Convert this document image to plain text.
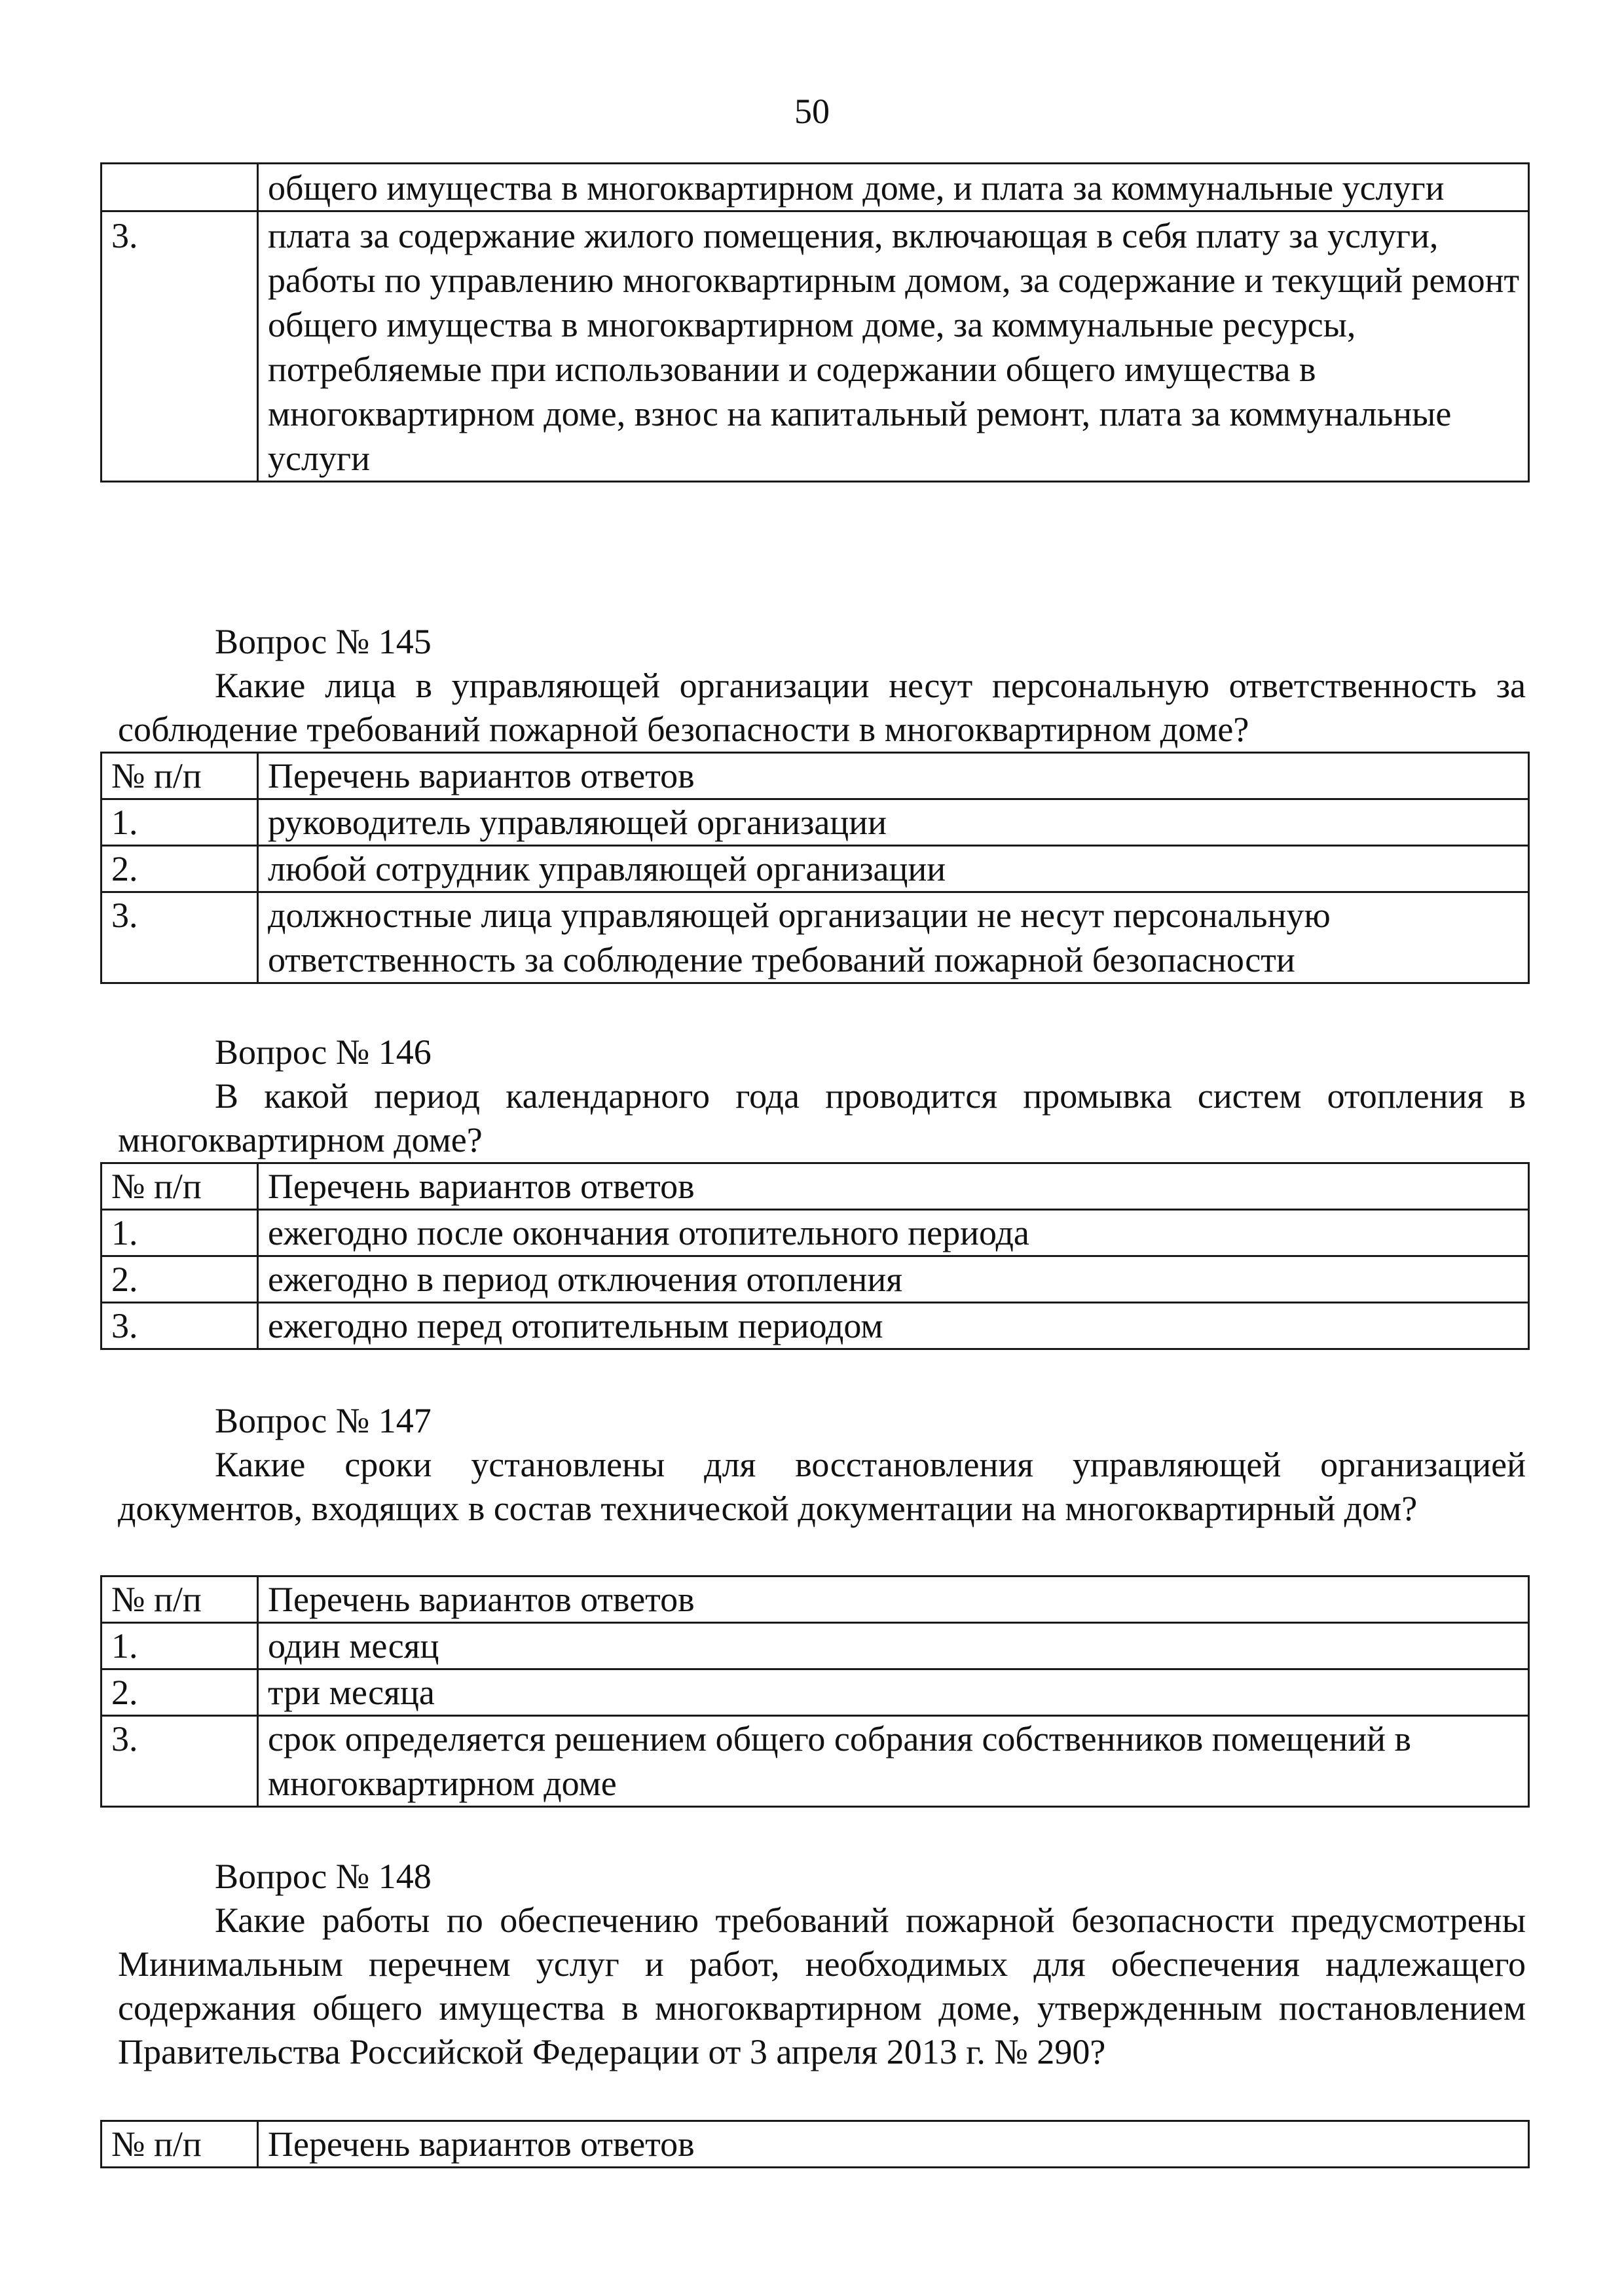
50
	общего имущества в многоквартирном доме, и плата за коммунальные услуги
3.	плата за содержание жилого помещения, включающая в себя плату за услуги, работы по управлению многоквартирным домом, за содержание и текущий ремонт общего имущества в многоквартирном доме, за коммунальные ресурсы, потребляемые при использовании и содержании общего имущества в многоквартирном доме, взнос на капитальный ремонт, плата за коммунальные услуги
Вопрос № 145
Какие лица в управляющей организации несут персональную ответственность за соблюдение требований пожарной безопасности в многоквартирном доме?
№ п/п	Перечень вариантов ответов
1.	руководитель управляющей организации
2.	любой сотрудник управляющей организации
3.	должностные лица управляющей организации не несут персональную ответственность за соблюдение требований пожарной безопасности
Вопрос № 146
В какой период календарного года проводится промывка систем отопления в многоквартирном доме?
№ п/п	Перечень вариантов ответов
1.	ежегодно после окончания отопительного периода
2.	ежегодно в период отключения отопления
3.	ежегодно перед отопительным периодом
Вопрос № 147
Какие сроки установлены для восстановления управляющей организацией документов, входящих в состав технической документации на многоквартирный дом?
№ п/п	Перечень вариантов ответов
1.	один месяц
2.	три месяца
3.	срок определяется решением общего собрания собственников помещений в многоквартирном доме
Вопрос № 148
Какие работы по обеспечению требований пожарной безопасности предусмотрены Минимальным перечнем услуг и работ, необходимых для обеспечения надлежащего содержания общего имущества в многоквартирном доме, утвержденным постановлением Правительства Российской Федерации от 3 апреля 2013 г. № 290?
№ п/п	Перечень вариантов ответов
